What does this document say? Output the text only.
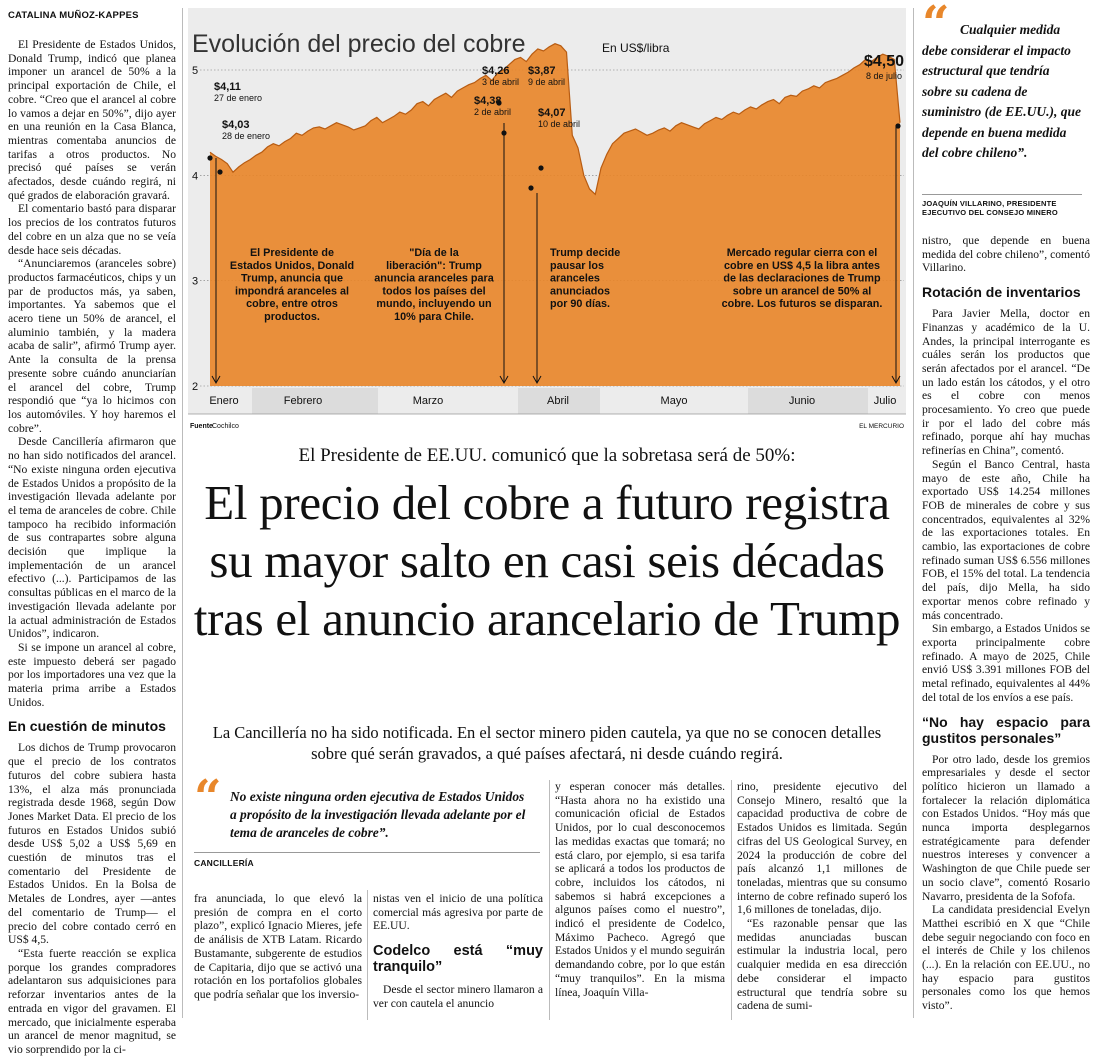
CATALINA MUÑOZ-KAPPES

El Presidente de Estados Unidos, Donald Trump, indicó que planea imponer un arancel de 50% a la principal exportación de Chile, el cobre. “Creo que el arancel al cobre lo vamos a dejar en 50%”, dijo ayer en una reunión en la Casa Blanca, mientras comentaba anuncios de tarifas a otros productos. No precisó qué países se verán afectados, desde cuándo regirá, ni qué grados de elaboración gravará.

El comentario bastó para disparar los precios de los contratos futuros del cobre en un alza que no se veía desde hace seis décadas.

“Anunciaremos (aranceles sobre) productos farmacéuticos, chips y un par de productos más, ya saben, importantes. Ya sabemos que el acero tiene un 50% de arancel, el aluminio también, y la madera acaba de salir”, afirmó Trump ayer. Ante la consulta de la prensa presente sobre cuándo anunciarían el arancel del cobre, Trump respondió que “ya lo hicimos con los automóviles. Y hoy haremos el cobre”.

Desde Cancillería afirmaron que no han sido notificados del arancel. “No existe ninguna orden ejecutiva de Estados Unidos a propósito de la investigación llevada adelante por el tema de aranceles de cobre. Chile tampoco ha recibido información de sus contrapartes sobre alguna decisión que implique la implementación de un arancel efectivo (...). Participamos de las consultas públicas en el marco de la investigación llevada adelante por la actual administración de Estados Unidos”, indicaron.

Si se impone un arancel al cobre, este impuesto deberá ser pagado por los importadores una vez que la materia prima arribe a Estados Unidos.

En cuestión de minutos

Los dichos de Trump provocaron que el precio de los contratos futuros del cobre subiera hasta 13%, el alza más pronunciada registrada desde 1968, según Dow Jones Market Data. El precio de los futuros en Estados Unidos subió desde US$ 5,02 a US$ 5,69 en cuestión de minutos tras el comentario del Presidente de Estados Unidos. En la Bolsa de Metales de Londres, ayer —antes del comentario de Trump— el precio del cobre contado cerró en US$ 4,5.

“Esta fuerte reacción se explica porque los grandes compradores adelantaron sus adquisiciones para reforzar inventarios antes de la entrada en vigor del gravamen. El mercado, que inicialmente esperaba un arancel de menor magnitud, se vio sorprendido por la ci-

$4,11
27 de enero
$4,03
28 de enero
$4,26
3 de abril
$4,38
2 de abril
$3,87
9 de abril
$4,07
10 de abril
$4,50
8 de julio
Evolución del precio del cobre	En US$/libra
5
4
3
2
Enero	Febrero	Marzo	Abril	Mayo	Junio	Julio
El Presidente de Estados Unidos, Donald Trump, anuncia que impondrá aranceles al cobre, entre otros productos.
"Día de la liberación": Trump anuncia aranceles para todos los países del mundo, incluyendo un 10% para Chile.
Trump decide pausar los aranceles anunciados por 90 días.
Mercado regular cierra con el cobre en US$ 4,5 la libra antes de las declaraciones de Trump sobre un arancel de 50% al cobre. Los futuros se disparan.
Fuente Cochilco	EL MERCURIO
El Presidente de EE.UU. comunicó que la sobretasa será de 50%:
El precio del cobre a futuro registra su mayor salto en casi seis décadas tras el anuncio arancelario de Trump
La Cancillería no ha sido notificada. En el sector minero piden cautela, ya que no se conocen detalles sobre qué serán gravados, a qué países afectará, ni desde cuándo regirá.
“ No existe ninguna orden ejecutiva de Estados Unidos a propósito de la investigación llevada adelante por el tema de aranceles de cobre”.
CANCILLERÍA

fra anunciada, lo que elevó la presión de compra en el corto plazo”, explicó Ignacio Mieres, jefe de análisis de XTB Latam. Ricardo Bustamante, subgerente de estudios de Capitaria, dijo que se activó una rotación en los portafolios globales que podría señalar que los inversio-

nistas ven el inicio de una política comercial más agresiva por parte de EE.UU.

Codelco está “muy tranquilo”

Desde el sector minero llamaron a ver con cautela el anuncio

y esperan conocer más detalles. “Hasta ahora no ha existido una comunicación oficial de Estados Unidos, por lo cual desconocemos las medidas exactas que tomará; no está claro, por ejemplo, si esa tarifa se aplicará a todos los productos de cobre, incluidos los cátodos, ni sabemos si habrá excepciones a algunos países como el nuestro”, indicó el presidente de Codelco, Máximo Pacheco. Agregó que Estados Unidos y el mundo seguirán demandando cobre, por lo que están “muy tranquilos”. En la misma línea, Joaquín Villa-

rino, presidente ejecutivo del Consejo Minero, resaltó que la capacidad productiva de cobre de Estados Unidos es limitada. Según cifras del US Geological Survey, en 2024 la producción de cobre del país alcanzó 1,1 millones de toneladas, mientras que su consumo interno de cobre refinado superó los 1,6 millones de toneladas, dijo.

“Es razonable pensar que las medidas anunciadas buscan estimular la industria local, pero cualquier medida en esa dirección debe considerar el impacto estructural que tendría sobre su cadena de sumi-

“ Cualquier medida debe considerar el impacto estructural que tendría sobre su cadena de suministro (de EE.UU.), que depende en buena medida del cobre chileno”.
JOAQUÍN VILLARINO, PRESIDENTE EJECUTIVO DEL CONSEJO MINERO

nistro, que depende en buena medida del cobre chileno”, comentó Villarino.

Rotación de inventarios

Para Javier Mella, doctor en Finanzas y académico de la U. Andes, la principal interrogante es cuáles serán los productos que serán afectados por el arancel. “De un lado están los cátodos, y el otro es el cobre con menos procesamiento. Yo creo que puede ir por el lado del cobre más refinado, porque ahí hay muchas refinerías en China”, comentó.

Según el Banco Central, hasta mayo de este año, Chile ha exportado US$ 14.254 millones FOB de minerales de cobre y sus concentrados, equivalentes al 32% de las exportaciones totales. En cambio, las exportaciones de cobre refinado suman US$ 6.556 millones FOB, el 15% del total. La tendencia del país, dijo Mella, ha sido exportar menos cobre refinado y más concentrado.

Sin embargo, a Estados Unidos se exporta principalmente cobre refinado. A mayo de 2025, Chile envió US$ 3.391 millones FOB del metal refinado, equivalentes al 44% del total de los envíos a ese país.

“No hay espacio para gustitos personales”

Por otro lado, desde los gremios empresariales y desde el sector político hicieron un llamado a fortalecer la relación diplomática con Estados Unidos. “Hoy más que nunca importa desplegarnos estratégicamente para defender nuestros intereses y convencer a Washington de que Chile puede ser un socio clave”, comentó Rosario Navarro, presidenta de la Sofofa.

La candidata presidencial Evelyn Matthei escribió en X que “Chile debe seguir negociando con foco en el interés de Chile y los chilenos (...). En la relación con EE.UU., no hay espacio para gustitos personales como los que hemos visto”.
